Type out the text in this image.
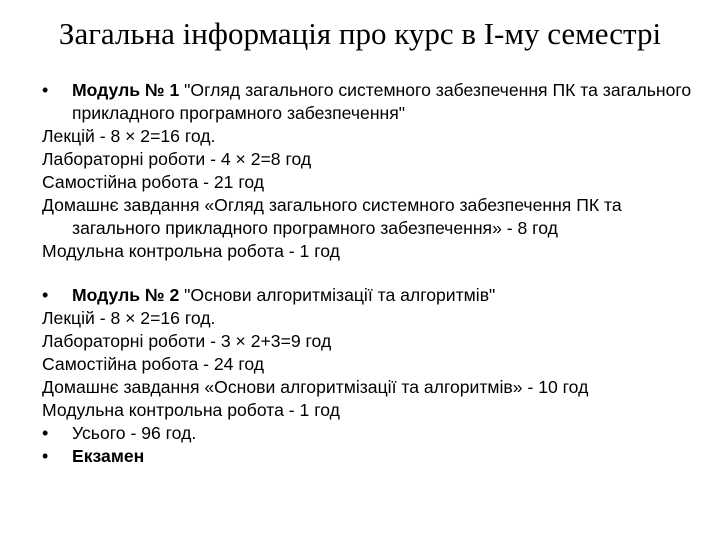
Загальна інформація про курс в І-му семестрі
•	Модуль № 1 "Огляд загального системного забезпечення ПК та загального прикладного програмного забезпечення"
Лекцій - 8 × 2=16 год.
Лабораторні роботи - 4 × 2=8 год
Самостійна робота - 21 год
Домашнє завдання «Огляд загального системного забезпечення ПК та загального прикладного програмного забезпечення» - 8 год
Модульна контрольна робота - 1 год
•	Модуль № 2 "Основи алгоритмізації та алгоритмів"
Лекцій - 8 × 2=16 год.
Лабораторні роботи - 3 × 2+3=9 год
Самостійна робота - 24 год
Домашнє завдання «Основи алгоритмізації та алгоритмів» - 10 год
Модульна контрольна робота - 1 год
•	Усього - 96 год.
•	Екзамен
